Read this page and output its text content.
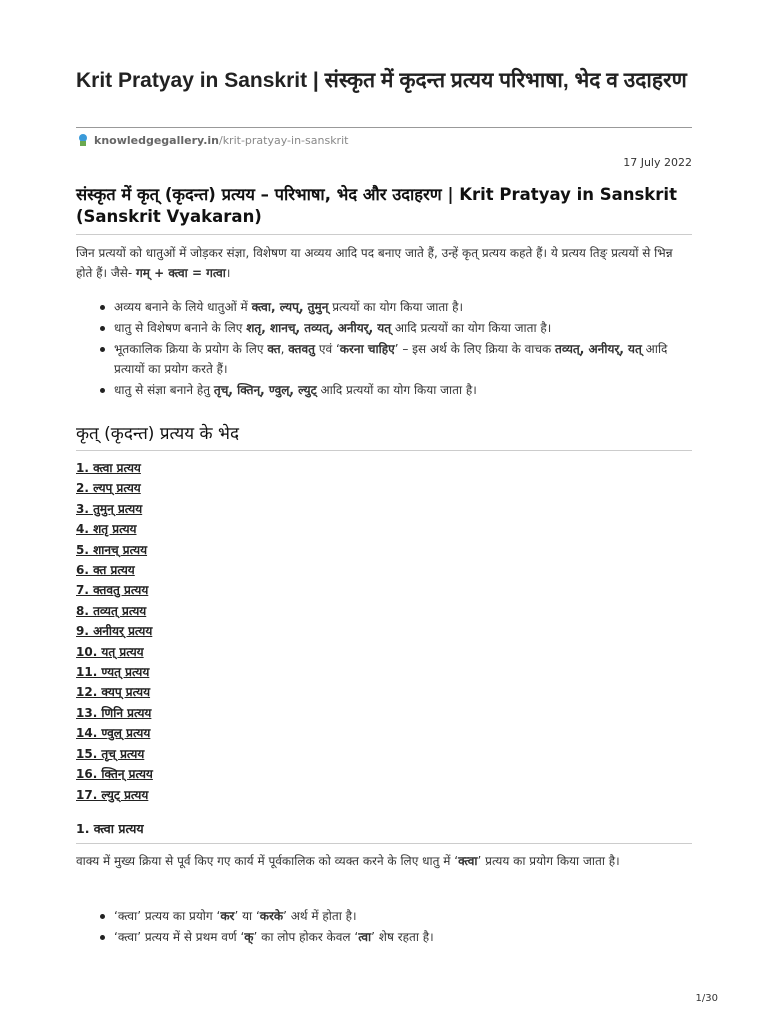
Krit Pratyay in Sanskrit | संस्कृत में कृदन्त प्रत्यय परिभाषा, भेद व उदाहरण
knowledgegallery.in/krit-pratyay-in-sanskrit
17 July 2022
संस्कृत में कृत् (कृदन्त) प्रत्यय – परिभाषा, भेद और उदाहरण | Krit Pratyay in Sanskrit (Sanskrit Vyakaran)

जिन प्रत्ययों को धातुओं में जोड़कर संज्ञा, विशेषण या अव्यय आदि पद बनाए जाते हैं, उन्हें कृत् प्रत्यय कहते हैं। ये प्रत्यय तिङ् प्रत्ययों से भिन्न होते हैं। जैसे- गम् + क्त्वा = गत्वा।

अव्यय बनाने के लिये धातुओं में क्त्वा, ल्यप्, तुमुन् प्रत्ययों का योग किया जाता है।
धातु से विशेषण बनाने के लिए शतृ, शानच्, तव्यत्, अनीयर्, यत् आदि प्रत्ययों का योग किया जाता है।
भूतकालिक क्रिया के प्रयोग के लिए क्त, क्तवतु एवं ‘करना चाहिए’ – इस अर्थ के लिए क्रिया के वाचक तव्यत्, अनीयर्, यत् आदि प्रत्यायों का प्रयोग करते हैं।
धातु से संज्ञा बनाने हेतु तृच्, क्तिन्, ण्वुल्, ल्युट् आदि प्रत्ययों का योग किया जाता है।
कृत् (कृदन्त) प्रत्यय के भेद
1. क्त्वा प्रत्यय
2. ल्यप् प्रत्यय
3. तुमुन् प्रत्यय
4. शतृ प्रत्यय
5. शानच् प्रत्यय
6. क्त प्रत्यय
7. क्तवतु प्रत्यय
8. तव्यत् प्रत्यय
9. अनीयर् प्रत्यय
10. यत् प्रत्यय
11. ण्यत् प्रत्यय
12. क्यप् प्रत्यय
13. णिनि प्रत्यय
14. ण्वुल् प्रत्यय
15. तृच् प्रत्यय
16. क्तिन् प्रत्यय
17. ल्युट् प्रत्यय
1. क्त्वा प्रत्यय

वाक्य में मुख्य क्रिया से पूर्व किए गए कार्य में पूर्वकालिक को व्यक्त करने के लिए धातु में ‘क्त्वा’ प्रत्यय का प्रयोग किया जाता है।

‘क्त्वा’ प्रत्यय का प्रयोग ‘कर’ या ‘करके’ अर्थ में होता है।
‘क्त्वा’ प्रत्यय में से प्रथम वर्ण ‘क्’ का लोप होकर केवल ‘त्वा’ शेष रहता है।
1/30
